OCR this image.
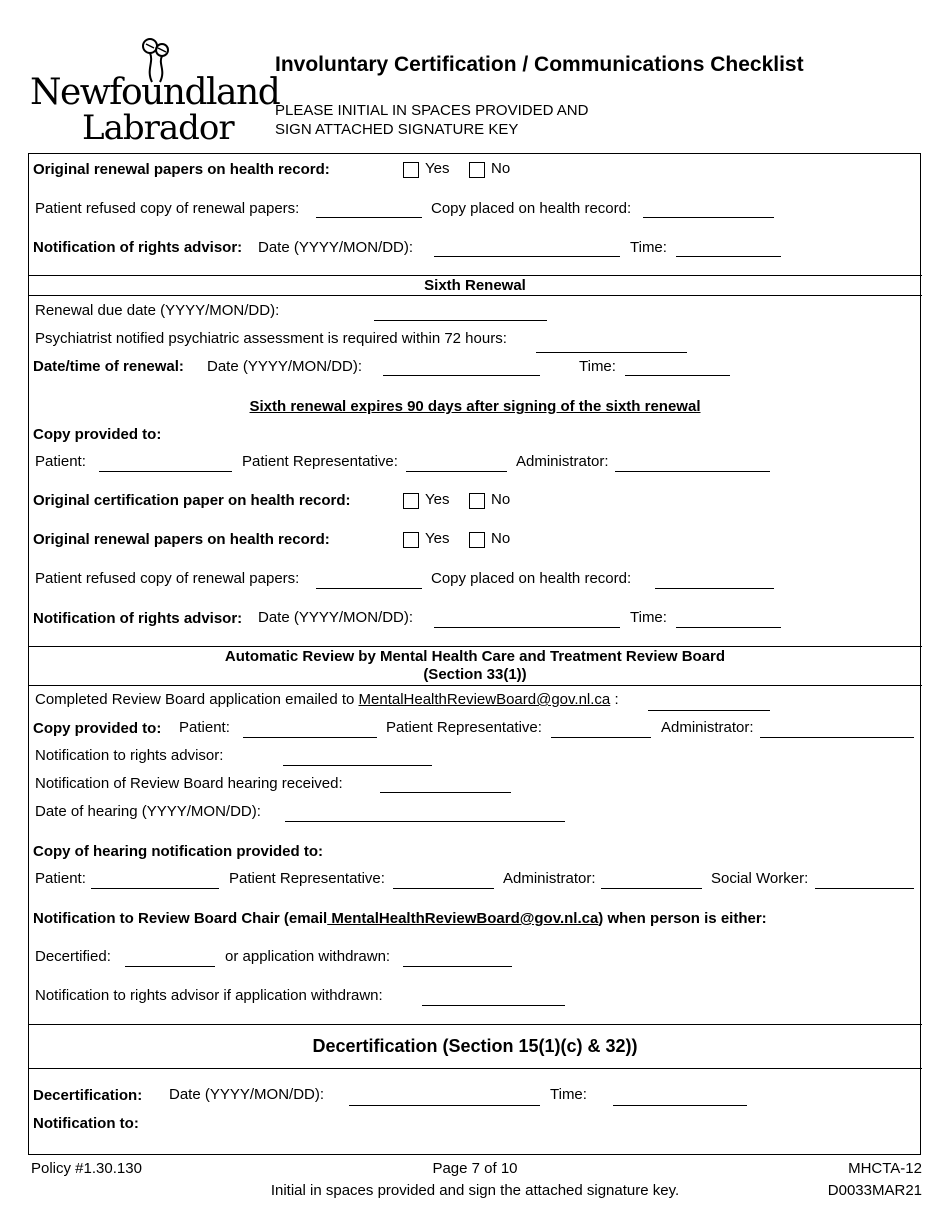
Newfoundland
Labrador
Involuntary Certification / Communications Checklist
PLEASE INITIAL IN SPACES PROVIDED AND
SIGN ATTACHED SIGNATURE KEY
Original renewal papers on health record:	Yes	No
Patient refused copy of renewal papers:	Copy placed on health record:
Notification of rights advisor: Date (YYYY/MON/DD):	Time:
Sixth Renewal
Renewal due date (YYYY/MON/DD):
Psychiatrist notified psychiatric assessment is required within 72 hours:
Date/time of renewal: Date (YYYY/MON/DD):	Time:
Sixth renewal expires 90 days after signing of the sixth renewal
Copy provided to:
Patient:	Patient Representative:	Administrator:
Original certification paper on health record:	Yes	No
Original renewal papers on health record:	Yes	No
Patient refused copy of renewal papers:	Copy placed on health record:
Notification of rights advisor: Date (YYYY/MON/DD):	Time:
Automatic Review by Mental Health Care and Treatment Review Board
(Section 33(1))
Completed Review Board application emailed to MentalHealthReviewBoard@gov.nl.ca :
Copy provided to: Patient:	Patient Representative:	Administrator:
Notification to rights advisor:
Notification of Review Board hearing received:
Date of hearing (YYYY/MON/DD):
Copy of hearing notification provided to:
Patient:	Patient Representative:	Administrator:	Social Worker:
Notification to Review Board Chair (email MentalHealthReviewBoard@gov.nl.ca) when person is either:
Decertified:	or application withdrawn:
Notification to rights advisor if application withdrawn:
Decertification (Section 15(1)(c) & 32))
Decertification: Date (YYYY/MON/DD):	Time:
Notification to:
Policy #1.30.130	Page 7 of 10	MHCTA-12
Initial in spaces provided and sign the attached signature key.	D0033MAR21
